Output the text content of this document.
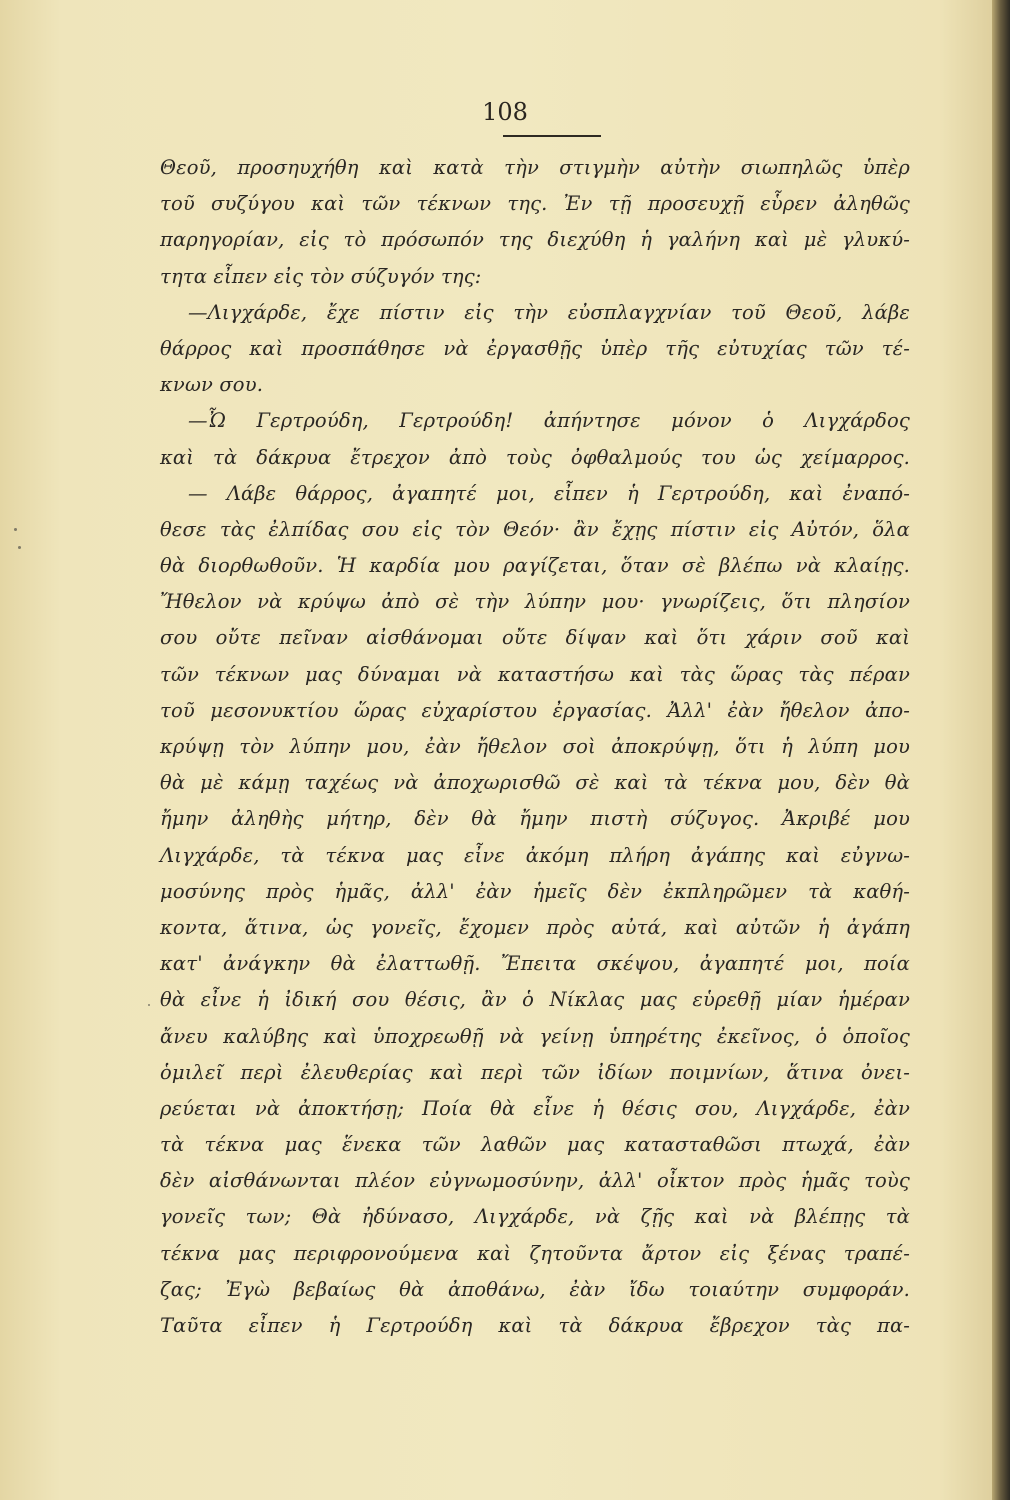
108
Θεοῦ, προσηυχήθη καὶ κατὰ τὴν στιγμὴν αὐτὴν σιωπηλῶς ὑπὲρ
τοῦ συζύγου καὶ τῶν τέκνων της. Ἐν τῇ προσευχῇ εὗρεν ἀληθῶς
παρηγορίαν, εἰς τὸ πρόσωπόν της διεχύθη ἡ γαλήνη καὶ μὲ γλυκύ-
τητα εἶπεν εἰς τὸν σύζυγόν της:
—Λιγχάρδε, ἔχε πίστιν εἰς τὴν εὐσπλαγχνίαν τοῦ Θεοῦ, λάβε
θάρρος καὶ προσπάθησε νὰ ἐργασθῇς ὑπὲρ τῆς εὐτυχίας τῶν τέ-
κνων σου.
—Ὦ Γερτρούδη, Γερτρούδη! ἀπήντησε μόνον ὁ Λιγχάρδος
καὶ τὰ δάκρυα ἔτρεχον ἀπὸ τοὺς ὀφθαλμούς του ὡς χείμαρρος.
— Λάβε θάρρος, ἀγαπητέ μοι, εἶπεν ἡ Γερτρούδη, καὶ ἐναπό-
θεσε τὰς ἐλπίδας σου εἰς τὸν Θεόν· ἂν ἔχῃς πίστιν εἰς Αὐτόν, ὅλα
θὰ διορθωθοῦν. Ἡ καρδία μου ραγίζεται, ὅταν σὲ βλέπω νὰ κλαίῃς.
Ἤθελον νὰ κρύψω ἀπὸ σὲ τὴν λύπην μου· γνωρίζεις, ὅτι πλησίον
σου οὔτε πεῖναν αἰσθάνομαι οὔτε δίψαν καὶ ὅτι χάριν σοῦ καὶ
τῶν τέκνων μας δύναμαι νὰ καταστήσω καὶ τὰς ὥρας τὰς πέραν
τοῦ μεσονυκτίου ὥρας εὐχαρίστου ἐργασίας. Ἀλλ' ἐὰν ἤθελον ἀπο-
κρύψῃ τὸν λύπην μου, ἐὰν ἤθελον σοὶ ἀποκρύψῃ, ὅτι ἡ λύπη μου
θὰ μὲ κάμῃ ταχέως νὰ ἀποχωρισθῶ σὲ καὶ τὰ τέκνα μου, δὲν θὰ
ἤμην ἀληθὴς μήτηρ, δὲν θὰ ἤμην πιστὴ σύζυγος. Ἀκριβέ μου
Λιγχάρδε, τὰ τέκνα μας εἶνε ἀκόμη πλήρη ἀγάπης καὶ εὐγνω-
μοσύνης πρὸς ἡμᾶς, ἀλλ' ἐὰν ἡμεῖς δὲν ἐκπληρῶμεν τὰ καθή-
κοντα, ἅτινα, ὡς γονεῖς, ἔχομεν πρὸς αὐτά, καὶ αὐτῶν ἡ ἀγάπη
κατ' ἀνάγκην θὰ ἐλαττωθῇ. Ἔπειτα σκέψου, ἀγαπητέ μοι, ποία
θὰ εἶνε ἡ ἰδική σου θέσις, ἂν ὁ Νίκλας μας εὑρεθῇ μίαν ἡμέραν
ἄνευ καλύβης καὶ ὑποχρεωθῇ νὰ γείνῃ ὑπηρέτης ἐκεῖνος, ὁ ὁποῖος
ὁμιλεῖ περὶ ἐλευθερίας καὶ περὶ τῶν ἰδίων ποιμνίων, ἅτινα ὀνει-
ρεύεται νὰ ἀποκτήσῃ; Ποία θὰ εἶνε ἡ θέσις σου, Λιγχάρδε, ἐὰν
τὰ τέκνα μας ἕνεκα τῶν λαθῶν μας κατασταθῶσι πτωχά, ἐὰν
δὲν αἰσθάνωνται πλέον εὐγνωμοσύνην, ἀλλ' οἶκτον πρὸς ἡμᾶς τοὺς
γονεῖς των; Θὰ ἠδύνασο, Λιγχάρδε, νὰ ζῇς καὶ νὰ βλέπῃς τὰ
τέκνα μας περιφρονούμενα καὶ ζητοῦντα ἄρτον εἰς ξένας τραπέ-
ζας; Ἐγὼ βεβαίως θὰ ἀποθάνω, ἐὰν ἴδω τοιαύτην συμφοράν.
Ταῦτα εἶπεν ἡ Γερτρούδη καὶ τὰ δάκρυα ἔβρεχον τὰς πα-
